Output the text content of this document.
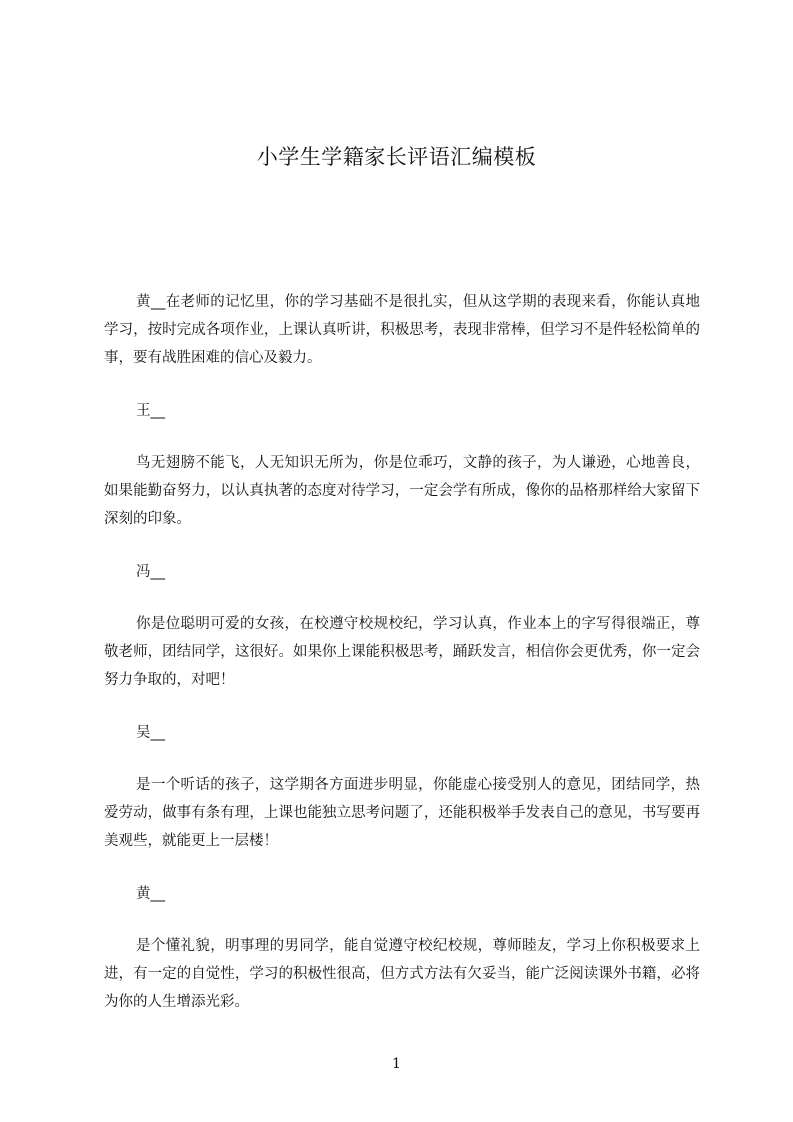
小学生学籍家长评语汇编模板

黄__在老师的记忆里，你的学习基础不是很扎实，但从这学期的表现来看，你能认真地学习，按时完成各项作业，上课认真听讲，积极思考，表现非常棒，但学习不是件轻松简单的事，要有战胜困难的信心及毅力。

王__

鸟无翅膀不能飞，人无知识无所为，你是位乖巧，文静的孩子，为人谦逊，心地善良，如果能勤奋努力，以认真执著的态度对待学习，一定会学有所成，像你的品格那样给大家留下深刻的印象。

冯__

你是位聪明可爱的女孩，在校遵守校规校纪，学习认真，作业本上的字写得很端正，尊敬老师，团结同学，这很好。如果你上课能积极思考，踊跃发言，相信你会更优秀，你一定会努力争取的，对吧！

吴__

是一个听话的孩子，这学期各方面进步明显，你能虚心接受别人的意见，团结同学，热爱劳动，做事有条有理，上课也能独立思考问题了，还能积极举手发表自己的意见，书写要再美观些，就能更上一层楼！

黄__

是个懂礼貌，明事理的男同学，能自觉遵守校纪校规，尊师睦友，学习上你积极要求上进，有一定的自觉性，学习的积极性很高，但方式方法有欠妥当，能广泛阅读课外书籍，必将为你的人生增添光彩。

1
